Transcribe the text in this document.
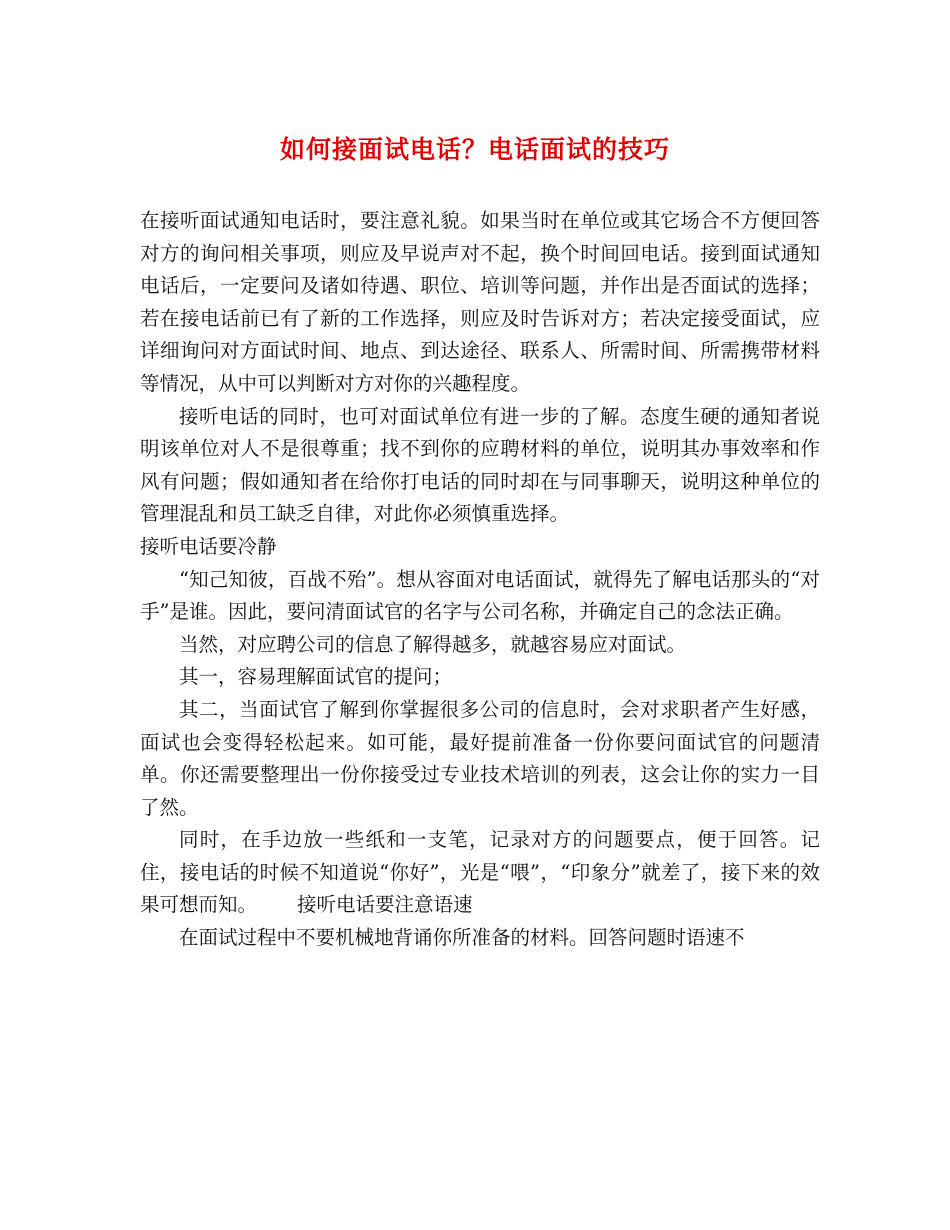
如何接面试电话？电话面试的技巧

在接听面试通知电话时，要注意礼貌。如果当时在单位或其它场合不方便回答对方的询问相关事项，则应及早说声对不起，换个时间回电话。接到面试通知电话后，一定要问及诸如待遇、职位、培训等问题，并作出是否面试的选择；若在接电话前已有了新的工作选择，则应及时告诉对方；若决定接受面试，应详细询问对方面试时间、地点、到达途径、联系人、所需时间、所需携带材料等情况，从中可以判断对方对你的兴趣程度。

接听电话的同时，也可对面试单位有进一步的了解。态度生硬的通知者说明该单位对人不是很尊重；找不到你的应聘材料的单位，说明其办事效率和作风有问题；假如通知者在给你打电话的同时却在与同事聊天，说明这种单位的管理混乱和员工缺乏自律，对此你必须慎重选择。

接听电话要冷静

“知己知彼，百战不殆”。想从容面对电话面试，就得先了解电话那头的“对手”是谁。因此，要问清面试官的名字与公司名称，并确定自己的念法正确。

当然，对应聘公司的信息了解得越多，就越容易应对面试。

其一，容易理解面试官的提问；

其二，当面试官了解到你掌握很多公司的信息时，会对求职者产生好感，面试也会变得轻松起来。如可能，最好提前准备一份你要问面试官的问题清单。你还需要整理出一份你接受过专业技术培训的列表，这会让你的实力一目了然。

同时，在手边放一些纸和一支笔，记录对方的问题要点，便于回答。记住，接电话的时候不知道说“你好”，光是“喂”，“印象分”就差了，接下来的效果可想而知。 接听电话要注意语速

在面试过程中不要机械地背诵你所准备的材料。回答问题时语速不
